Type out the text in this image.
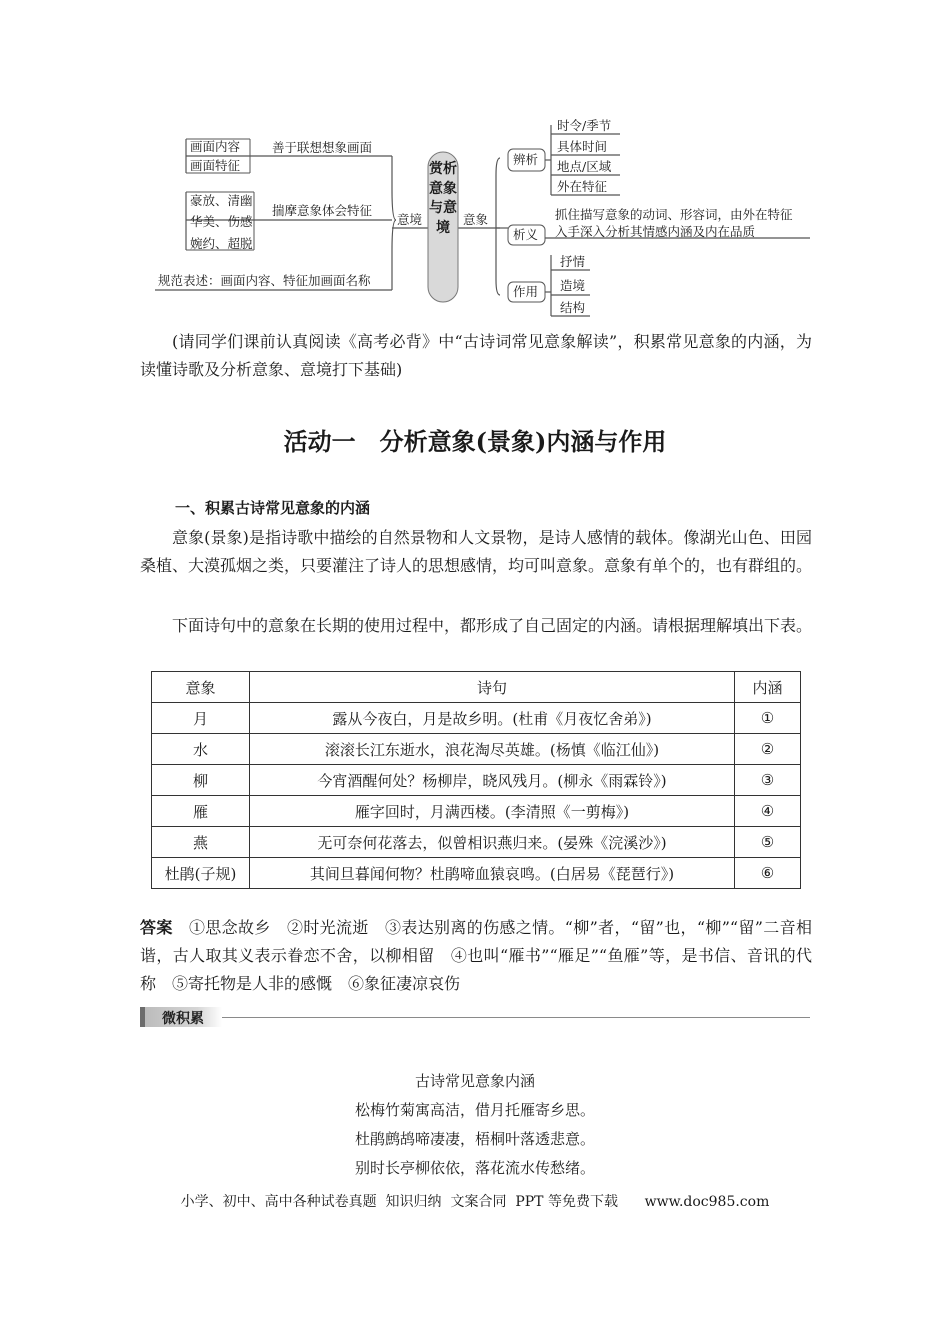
赏析意象与意境
画面内容
画面特征
善于联想想象画面
豪放、清幽
华美、伤感
婉约、超脱
揣摩意象体会特征
规范表述：画面内容、特征加画面名称
意境	意象
辨析
时令/季节
具体时间
地点/区域
外在特征
析义
抓住描写意象的动词、形容词，由外在特征
入手深入分析其情感内涵及内在品质
作用
抒情
造境
结构
(请同学们课前认真阅读《高考必背》中“古诗词常见意象解读”，积累常见意象的内涵，为读懂诗歌及分析意象、意境打下基础)
活动一　分析意象(景象)内涵与作用
一、积累古诗常见意象的内涵
意象(景象)是指诗歌中描绘的自然景物和人文景物，是诗人感情的载体。像湖光山色、田园桑植、大漠孤烟之类，只要灌注了诗人的思想感情，均可叫意象。意象有单个的，也有群组的。
下面诗句中的意象在长期的使用过程中，都形成了自己固定的内涵。请根据理解填出下表。
意象	诗句	内涵
月	露从今夜白，月是故乡明。(杜甫《月夜忆舍弟》)	①
水	滚滚长江东逝水，浪花淘尽英雄。(杨慎《临江仙》)	②
柳	今宵酒醒何处？杨柳岸，晓风残月。(柳永《雨霖铃》)	③
雁	雁字回时，月满西楼。(李清照《一剪梅》)	④
燕	无可奈何花落去，似曾相识燕归来。(晏殊《浣溪沙》)	⑤
杜鹃(子规)	其间旦暮闻何物？杜鹃啼血猿哀鸣。(白居易《琵琶行》)	⑥
答案 ①思念故乡　②时光流逝　③表达别离的伤感之情。“柳”者，“留”也，“柳”“留”二音相谐，古人取其义表示眷恋不舍，以柳相留　④也叫“雁书”“雁足”“鱼雁”等，是书信、音讯的代称　⑤寄托物是人非的感慨　⑥象征凄凉哀伤
微积累
古诗常见意象内涵
松梅竹菊寓高洁，借月托雁寄乡思。
杜鹃鹧鸪啼凄凄，梧桐叶落透悲意。
别时长亭柳依依，落花流水传愁绪。
小学、初中、高中各种试卷真题  知识归纳  文案合同  PPT 等免费下载      www.doc985.com
